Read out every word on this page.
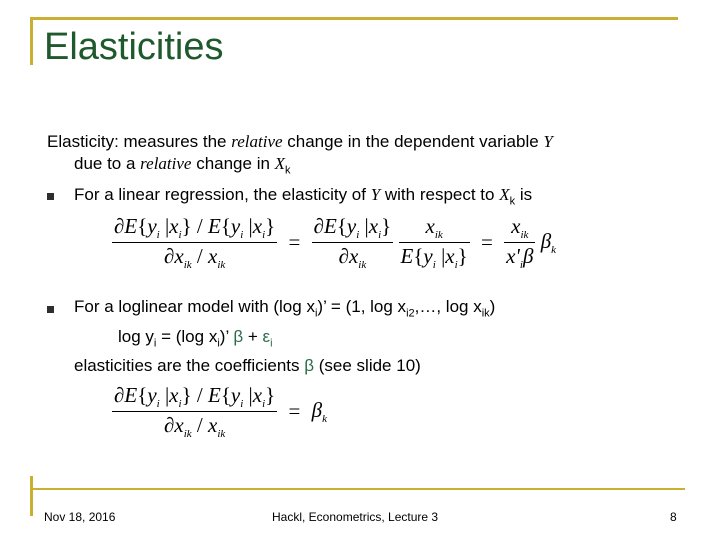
Elasticities
Elasticity: measures the relative change in the dependent variable Y
due to a relative change in $X_k$
For a linear regression, the elasticity of Y with respect to $X_k$ is
$\frac{\partial E\{y_i |x_i\} / E\{y_i |x_i\}}{\partial x_{ik} / x_{ik}} = \frac{\partial E\{y_i |x_i\}}{\partial x_{ik}}$
$\frac{x_{ik}}{E\{y_i |x_i\}} = \frac{x_{ik}}{x'_i\beta} \beta_k$
For a loglinear model with (log $x_i$)’ = (1, $\log x_{i2},\dots$, $\log x_{ik}$)
$\log y_i = (\log$ $x_i$)’ $\beta + \varepsilon_i$
elasticities are the coefficients β (see slide 10)
$\frac{\partial E\{y_i |x_i\} / E\{y_i |x_i\}}{\partial x_{ik} / x_{ik}} = \beta_k$
Nov 18, 2016	Hackl, Econometrics, Lecture 3	8
